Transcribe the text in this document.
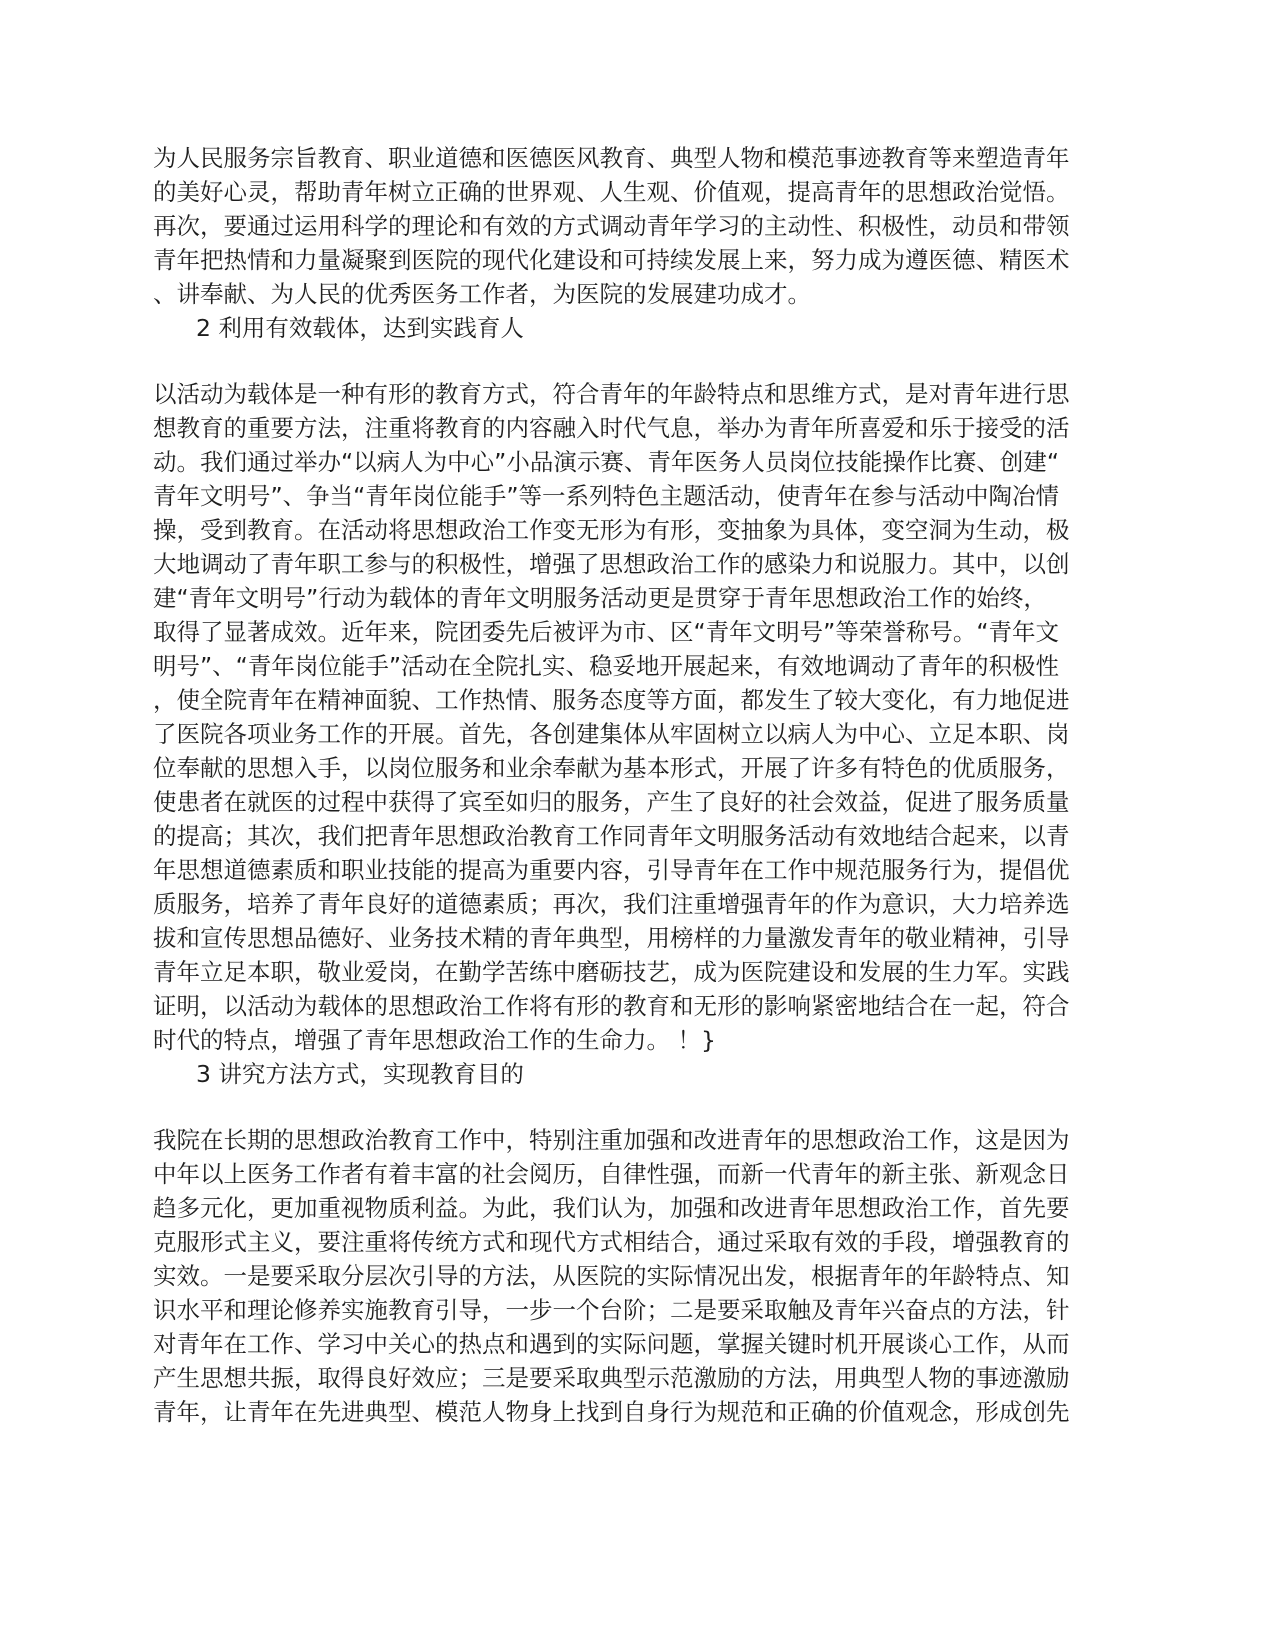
为人民服务宗旨教育、职业道德和医德医风教育、典型人物和模范事迹教育等来塑造青年
的美好心灵，帮助青年树立正确的世界观、人生观、价值观，提高青年的思想政治觉悟。
再次，要通过运用科学的理论和有效的方式调动青年学习的主动性、积极性，动员和带领
青年把热情和力量凝聚到医院的现代化建设和可持续发展上来，努力成为遵医德、精医术
、讲奉献、为人民的优秀医务工作者，为医院的发展建功成才。
2 利用有效载体，达到实践育人
以活动为载体是一种有形的教育方式，符合青年的年龄特点和思维方式，是对青年进行思
想教育的重要方法，注重将教育的内容融入时代气息，举办为青年所喜爱和乐于接受的活
动。我们通过举办“以病人为中心”小品演示赛、青年医务人员岗位技能操作比赛、创建“
青年文明号”、争当“青年岗位能手”等一系列特色主题活动，使青年在参与活动中陶冶情
操，受到教育。在活动将思想政治工作变无形为有形，变抽象为具体，变空洞为生动，极
大地调动了青年职工参与的积极性，增强了思想政治工作的感染力和说服力。其中，以创
建“青年文明号”行动为载体的青年文明服务活动更是贯穿于青年思想政治工作的始终，
取得了显著成效。近年来，院团委先后被评为市、区“青年文明号”等荣誉称号。“青年文
明号”、“青年岗位能手”活动在全院扎实、稳妥地开展起来，有效地调动了青年的积极性
，使全院青年在精神面貌、工作热情、服务态度等方面，都发生了较大变化，有力地促进
了医院各项业务工作的开展。首先，各创建集体从牢固树立以病人为中心、立足本职、岗
位奉献的思想入手，以岗位服务和业余奉献为基本形式，开展了许多有特色的优质服务，
使患者在就医的过程中获得了宾至如归的服务，产生了良好的社会效益，促进了服务质量
的提高；其次，我们把青年思想政治教育工作同青年文明服务活动有效地结合起来，以青
年思想道德素质和职业技能的提高为重要内容，引导青年在工作中规范服务行为，提倡优
质服务，培养了青年良好的道德素质；再次，我们注重增强青年的作为意识，大力培养选
拔和宣传思想品德好、业务技术精的青年典型，用榜样的力量激发青年的敬业精神，引导
青年立足本职，敬业爱岗，在勤学苦练中磨砺技艺，成为医院建设和发展的生力军。实践
证明，以活动为载体的思想政治工作将有形的教育和无形的影响紧密地结合在一起，符合
时代的特点，增强了青年思想政治工作的生命力。 ！}
3 讲究方法方式，实现教育目的
我院在长期的思想政治教育工作中，特别注重加强和改进青年的思想政治工作，这是因为
中年以上医务工作者有着丰富的社会阅历，自律性强，而新一代青年的新主张、新观念日
趋多元化，更加重视物质利益。为此，我们认为，加强和改进青年思想政治工作，首先要
克服形式主义，要注重将传统方式和现代方式相结合，通过采取有效的手段，增强教育的
实效。一是要采取分层次引导的方法，从医院的实际情况出发，根据青年的年龄特点、知
识水平和理论修养实施教育引导，一步一个台阶；二是要采取触及青年兴奋点的方法，针
对青年在工作、学习中关心的热点和遇到的实际问题，掌握关键时机开展谈心工作，从而
产生思想共振，取得良好效应；三是要采取典型示范激励的方法，用典型人物的事迹激励
青年，让青年在先进典型、模范人物身上找到自身行为规范和正确的价值观念，形成创先
